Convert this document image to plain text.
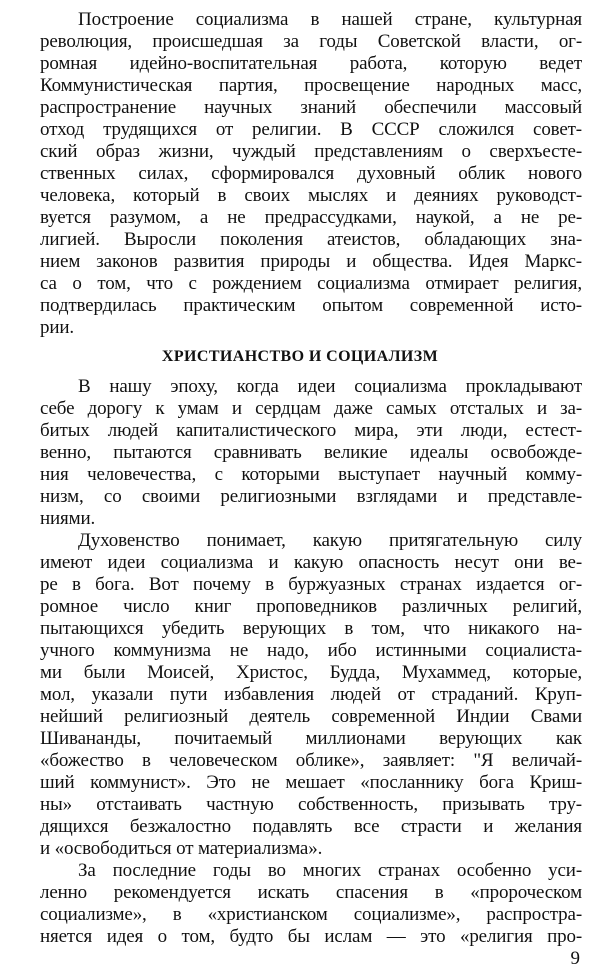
Построение социализма в нашей стране, культурная
революция, происшедшая за годы Советской власти, ог-
ромная идейно-воспитательная работа, которую ведет
Коммунистическая партия, просвещение народных масс,
распространение научных знаний обеспечили массовый
отход трудящихся от религии. В СССР сложился совет-
ский образ жизни, чуждый представлениям о сверхъесте-
ственных силах, сформировался духовный облик нового
человека, который в своих мыслях и деяниях руководст-
вуется разумом, а не предрассудками, наукой, а не ре-
лигией. Выросли поколения атеистов, обладающих зна-
нием законов развития природы и общества. Идея Маркс-
са о том, что с рождением социализма отмирает религия,
подтвердилась практическим опытом современной исто-
рии.
ХРИСТИАНСТВО И СОЦИАЛИЗМ
В нашу эпоху, когда идеи социализма прокладывают
себе дорогу к умам и сердцам даже самых отсталых и за-
битых людей капиталистического мира, эти люди, естест-
венно, пытаются сравнивать великие идеалы освобожде-
ния человечества, с которыми выступает научный комму-
низм, со своими религиозными взглядами и представле-
ниями.
Духовенство понимает, какую притягательную силу
имеют идеи социализма и какую опасность несут они ве-
ре в бога. Вот почему в буржуазных странах издается ог-
ромное число книг проповедников различных религий,
пытающихся убедить верующих в том, что никакого на-
учного коммунизма не надо, ибо истинными социалиста-
ми были Моисей, Христос, Будда, Мухаммед, которые,
мол, указали пути избавления людей от страданий. Круп-
нейший религиозный деятель современной Индии Свами
Шивананды, почитаемый миллионами верующих как
«божество в человеческом облике», заявляет: "Я величай-
ший коммунист». Это не мешает «посланнику бога Криш-
ны» отстаивать частную собственность, призывать тру-
дящихся безжалостно подавлять все страсти и желания
и «освободиться от материализма».
За последние годы во многих странах особенно уси-
ленно рекомендуется искать спасения в «пророческом
социализме», в «христианском социализме», распростра-
няется идея о том, будто бы ислам — это «религия про-
9
